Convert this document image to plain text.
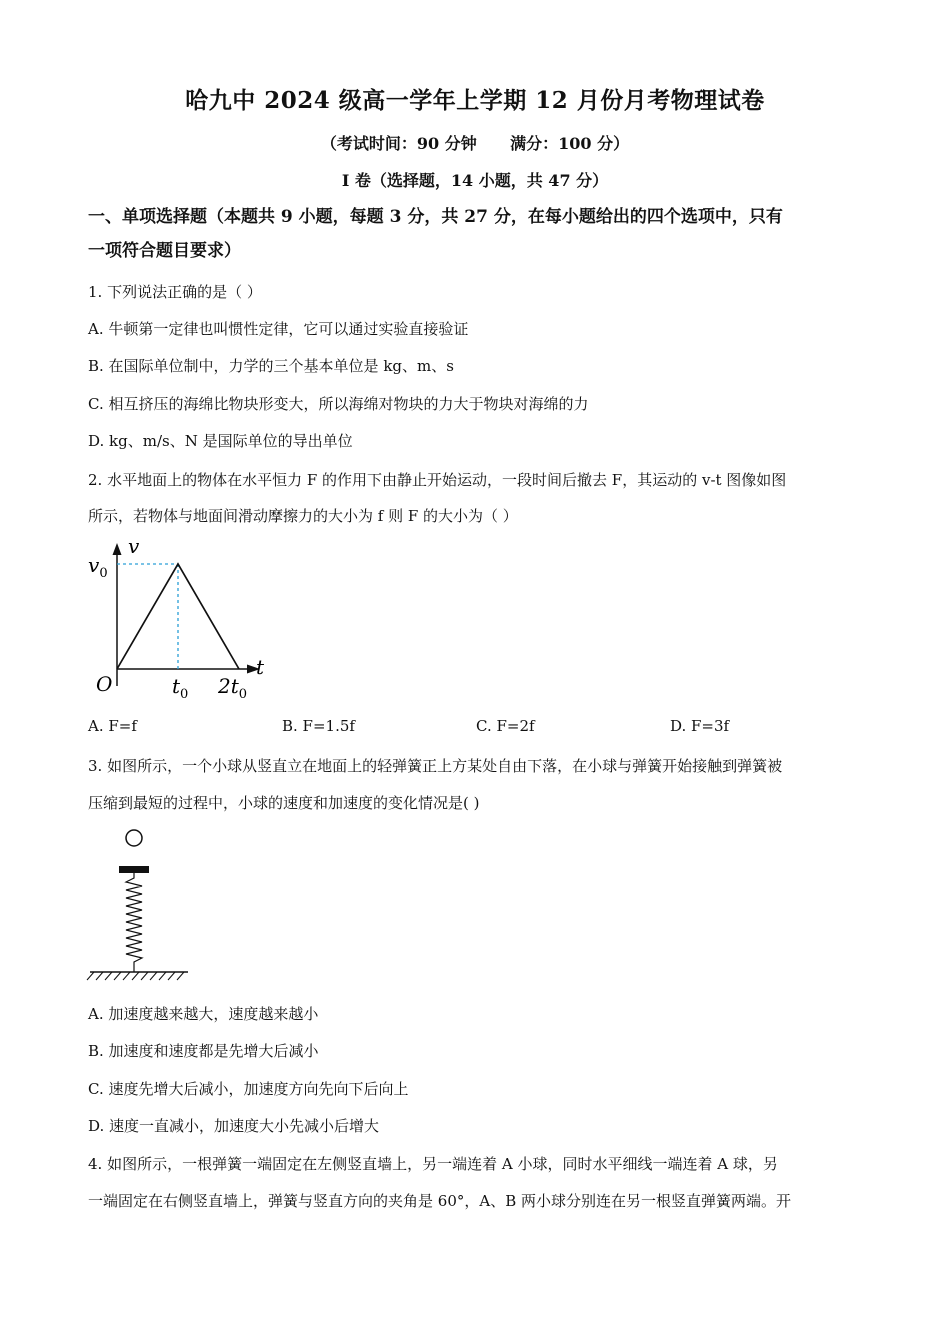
哈九中 2024 级高一学年上学期 12 月份月考物理试卷
（考试时间：90 分钟      满分：100 分）
I 卷（选择题，14 小题，共 47 分）
一、单项选择题（本题共 9 小题，每题 3 分，共 27 分，在每小题给出的四个选项中，只有
一项符合题目要求）
1. 下列说法正确的是（ ）
A. 牛顿第一定律也叫惯性定律，它可以通过实验直接验证
B. 在国际单位制中，力学的三个基本单位是 kg、m、s
C. 相互挤压的海绵比物块形变大，所以海绵对物块的力大于物块对海绵的力
D. kg、m/s、N 是国际单位的导出单位
2. 水平地面上的物体在水平恒力 F 的作用下由静止开始运动，一段时间后撤去 F，其运动的 v-t 图像如图
所示，若物体与地面间滑动摩擦力的大小为 f 则 F 的大小为（ ）
v
$v_0$
t
O	$t_0$ $2t_0$
A. F=f	B. F=1.5f	C. F=2f	D. F=3f
3. 如图所示，一个小球从竖直立在地面上的轻弹簧正上方某处自由下落，在小球与弹簧开始接触到弹簧被
压缩到最短的过程中，小球的速度和加速度的变化情况是( )
A. 加速度越来越大，速度越来越小
B. 加速度和速度都是先增大后减小
C. 速度先增大后减小，加速度方向先向下后向上
D. 速度一直减小，加速度大小先减小后增大
4. 如图所示，一根弹簧一端固定在左侧竖直墙上，另一端连着 A 小球，同时水平细线一端连着 A 球，另
一端固定在右侧竖直墙上，弹簧与竖直方向的夹角是 60°，A、B 两小球分别连在另一根竖直弹簧两端。开
